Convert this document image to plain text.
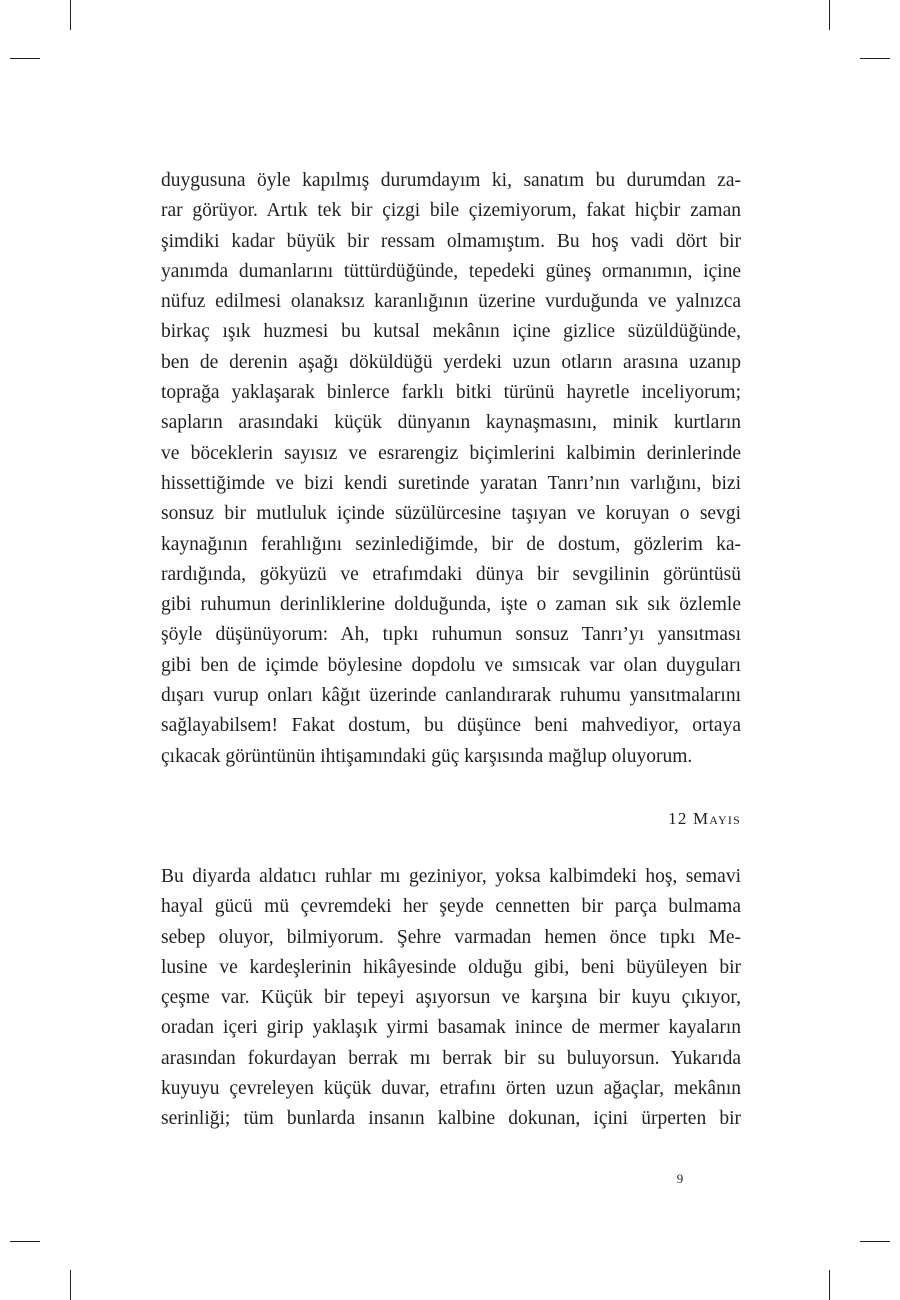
duygusuna öyle kapılmış durumdayım ki, sanatım bu durumdan za-
rar görüyor. Artık tek bir çizgi bile çizemiyorum, fakat hiçbir zaman
şimdiki kadar büyük bir ressam olmamıştım. Bu hoş vadi dört bir
yanımda dumanlarını tüttürdüğünde, tepedeki güneş ormanımın, içine
nüfuz edilmesi olanaksız karanlığının üzerine vurduğunda ve yalnızca
birkaç ışık huzmesi bu kutsal mekânın içine gizlice süzüldüğünde,
ben de derenin aşağı döküldüğü yerdeki uzun otların arasına uzanıp
toprağa yaklaşarak binlerce farklı bitki türünü hayretle inceliyorum;
sapların arasındaki küçük dünyanın kaynaşmasını, minik kurtların
ve böceklerin sayısız ve esrarengiz biçimlerini kalbimin derinlerinde
hissettiğimde ve bizi kendi suretinde yaratan Tanrı’nın varlığını, bizi
sonsuz bir mutluluk içinde süzülürcesine taşıyan ve koruyan o sevgi
kaynağının ferahlığını sezinlediğimde, bir de dostum, gözlerim ka-
rardığında, gökyüzü ve etrafımdaki dünya bir sevgilinin görüntüsü
gibi ruhumun derinliklerine dolduğunda, işte o zaman sık sık özlemle
şöyle düşünüyorum: Ah, tıpkı ruhumun sonsuz Tanrı’yı yansıtması
gibi ben de içimde böylesine dopdolu ve sımsıcak var olan duyguları
dışarı vurup onları kâğıt üzerinde canlandırarak ruhumu yansıtmalarını
sağlayabilsem! Fakat dostum, bu düşünce beni mahvediyor, ortaya
çıkacak görüntünün ihtişamındaki güç karşısında mağlup oluyorum.
12 Mayıs
Bu diyarda aldatıcı ruhlar mı geziniyor, yoksa kalbimdeki hoş, semavi
hayal gücü mü çevremdeki her şeyde cennetten bir parça bulmama
sebep oluyor, bilmiyorum. Şehre varmadan hemen önce tıpkı Me-
lusine ve kardeşlerinin hikâyesinde olduğu gibi, beni büyüleyen bir
çeşme var. Küçük bir tepeyi aşıyorsun ve karşına bir kuyu çıkıyor,
oradan içeri girip yaklaşık yirmi basamak inince de mermer kayaların
arasından fokurdayan berrak mı berrak bir su buluyorsun. Yukarıda
kuyuyu çevreleyen küçük duvar, etrafını örten uzun ağaçlar, mekânın
serinliği; tüm bunlarda insanın kalbine dokunan, içini ürperten bir
9
